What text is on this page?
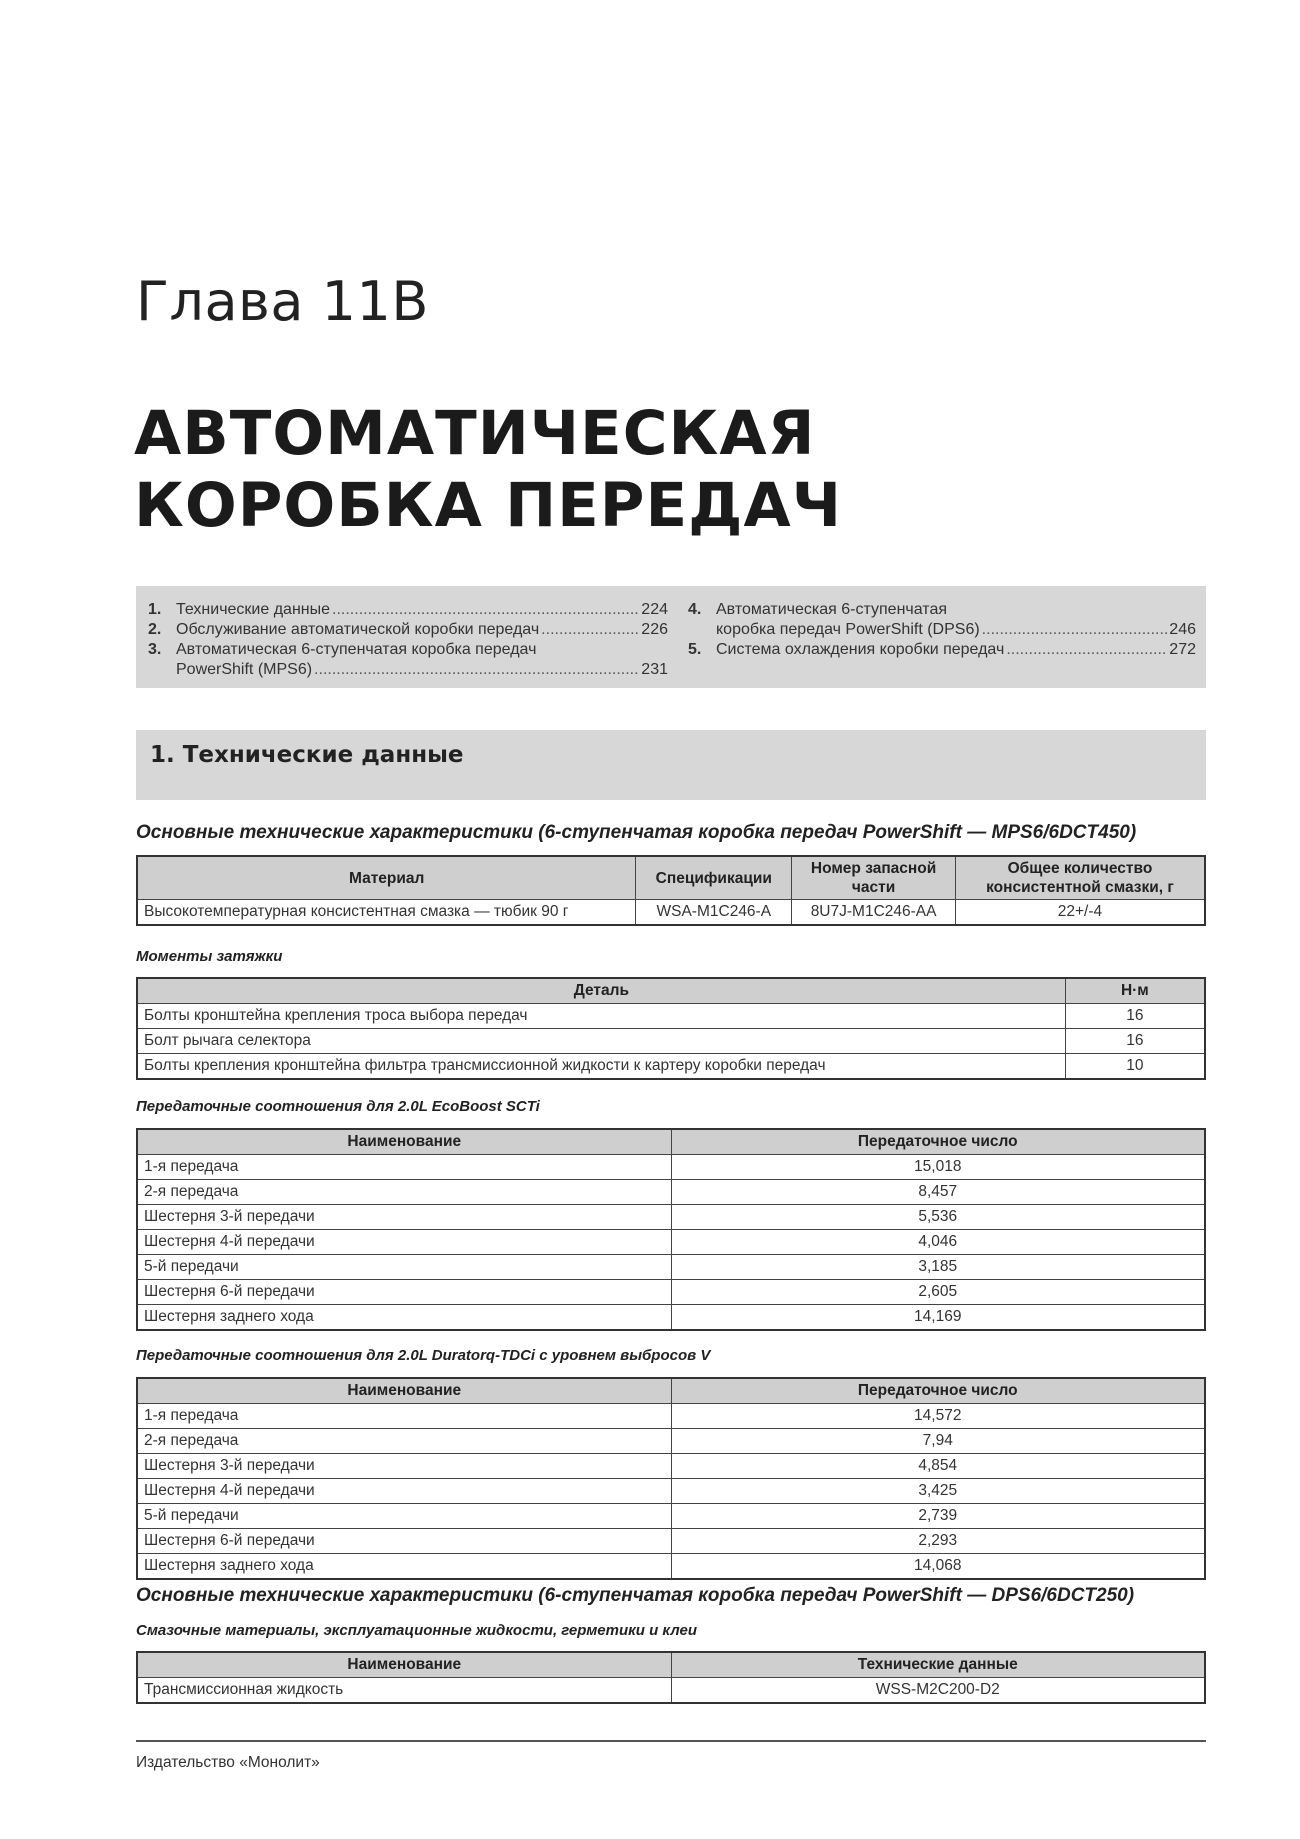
Глава 11B
АВТОМАТИЧЕСКАЯ
КОРОБКА ПЕРЕДАЧ
1. Технические данные .....	224
2. Обслуживание автоматической коробки передач .....	226
3. Автоматическая 6-ступенчатая коробка передач
PowerShift (MPS6) .....	231
4. Автоматическая 6-ступенчатая
коробка передач PowerShift (DPS6) .....	246
5. Система охлаждения коробки передач .....	272
1. Технические данные
Основные технические характеристики (6-ступенчатая коробка передач PowerShift — MPS6/6DCT450)
Материал	Спецификации	Номер запасной части	Общее количество консистентной смазки, г
Высокотемпературная консистентная смазка — тюбик 90 г	WSA-M1C246-A	8U7J-M1C246-AA	22+/-4
Моменты затяжки
Деталь	Н·м
Болты кронштейна крепления троса выбора передач	16
Болт рычага селектора	16
Болты крепления кронштейна фильтра трансмиссионной жидкости к картеру коробки передач	10
Передаточные соотношения для 2.0L EcoBoost SCTi
Наименование	Передаточное число
1-я передача	15,018
2-я передача	8,457
Шестерня 3-й передачи	5,536
Шестерня 4-й передачи	4,046
5-й передачи	3,185
Шестерня 6-й передачи	2,605
Шестерня заднего хода	14,169
Передаточные соотношения для 2.0L Duratorq-TDCi с уровнем выбросов V
Наименование	Передаточное число
1-я передача	14,572
2-я передача	7,94
Шестерня 3-й передачи	4,854
Шестерня 4-й передачи	3,425
5-й передачи	2,739
Шестерня 6-й передачи	2,293
Шестерня заднего хода	14,068
Основные технические характеристики (6-ступенчатая коробка передач PowerShift — DPS6/6DCT250)
Смазочные материалы, эксплуатационные жидкости, герметики и клеи
Наименование	Технические данные
Трансмиссионная жидкость	WSS-M2C200-D2
Издательство «Монолит»
